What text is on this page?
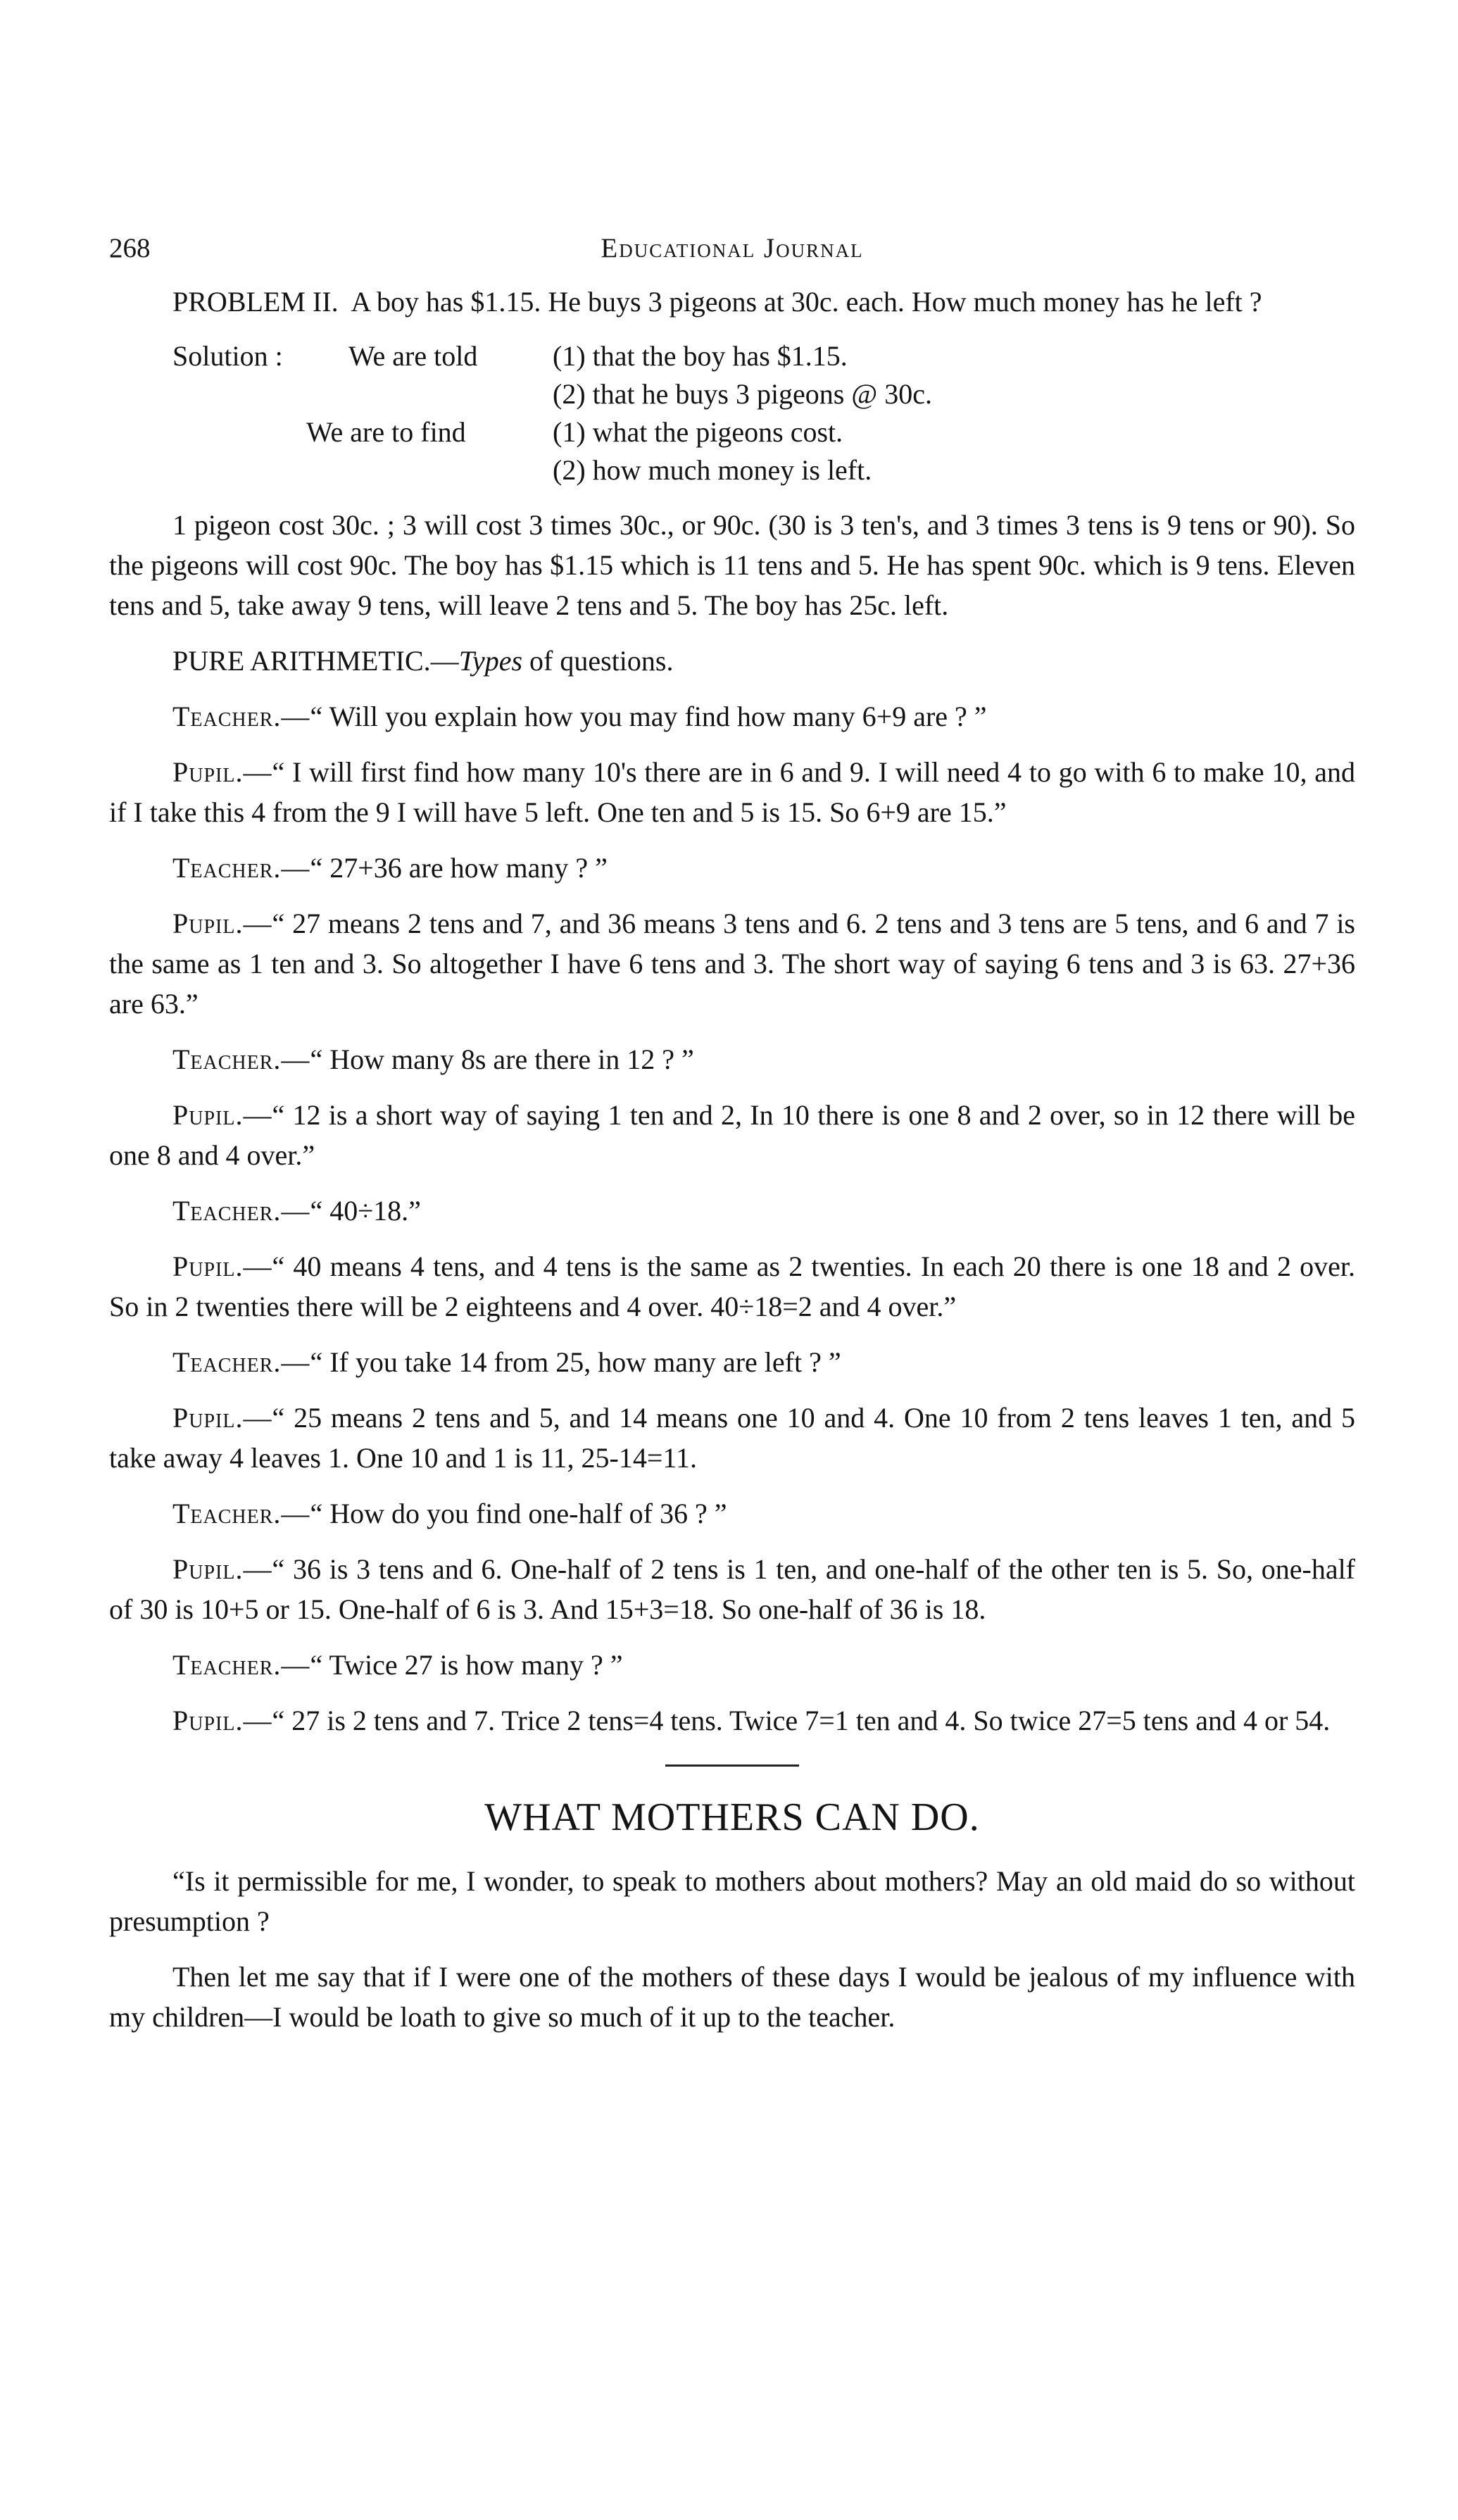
268	Educational Journal

PROBLEM II. A boy has $1.15. He buys 3 pigeons at 30c. each. How much money has he left ?

Solution : We are told	(1) that the boy has $1.15.
(2) that he buys 3 pigeons @ 30c.
We are to find	(1) what the pigeons cost.
(2) how much money is left.

1 pigeon cost 30c. ; 3 will cost 3 times 30c., or 90c. (30 is 3 ten's, and 3 times 3 tens is 9 tens or 90). So the pigeons will cost 90c. The boy has $1.15 which is 11 tens and 5. He has spent 90c. which is 9 tens. Eleven tens and 5, take away 9 tens, will leave 2 tens and 5. The boy has 25c. left.

PURE ARITHMETIC.—Types of questions.

Teacher.—“ Will you explain how you may find how many 6+9 are ? ”

Pupil.—“ I will first find how many 10's there are in 6 and 9. I will need 4 to go with 6 to make 10, and if I take this 4 from the 9 I will have 5 left. One ten and 5 is 15. So 6+9 are 15.”

Teacher.—“ 27+36 are how many ? ”

Pupil.—“ 27 means 2 tens and 7, and 36 means 3 tens and 6. 2 tens and 3 tens are 5 tens, and 6 and 7 is the same as 1 ten and 3. So altogether I have 6 tens and 3. The short way of saying 6 tens and 3 is 63. 27+36 are 63.”

Teacher.—“ How many 8s are there in 12 ? ”

Pupil.—“ 12 is a short way of saying 1 ten and 2, In 10 there is one 8 and 2 over, so in 12 there will be one 8 and 4 over.”

Teacher.—“ 40÷18.”

Pupil.—“ 40 means 4 tens, and 4 tens is the same as 2 twenties. In each 20 there is one 18 and 2 over. So in 2 twenties there will be 2 eighteens and 4 over. 40÷18=2 and 4 over.”

Teacher.—“ If you take 14 from 25, how many are left ? ”

Pupil.—“ 25 means 2 tens and 5, and 14 means one 10 and 4. One 10 from 2 tens leaves 1 ten, and 5 take away 4 leaves 1. One 10 and 1 is 11, 25-14=11.

Teacher.—“ How do you find one-half of 36 ? ”

Pupil.—“ 36 is 3 tens and 6. One-half of 2 tens is 1 ten, and one-half of the other ten is 5. So, one-half of 30 is 10+5 or 15. One-half of 6 is 3. And 15+3=18. So one-half of 36 is 18.

Teacher.—“ Twice 27 is how many ? ”

Pupil.—“ 27 is 2 tens and 7. Trice 2 tens=4 tens. Twice 7=1 ten and 4. So twice 27=5 tens and 4 or 54.

WHAT MOTHERS CAN DO.

“Is it permissible for me, I wonder, to speak to mothers about mothers? May an old maid do so without presumption ?

Then let me say that if I were one of the mothers of these days I would be jealous of my influence with my children—I would be loath to give so much of it up to the teacher.
